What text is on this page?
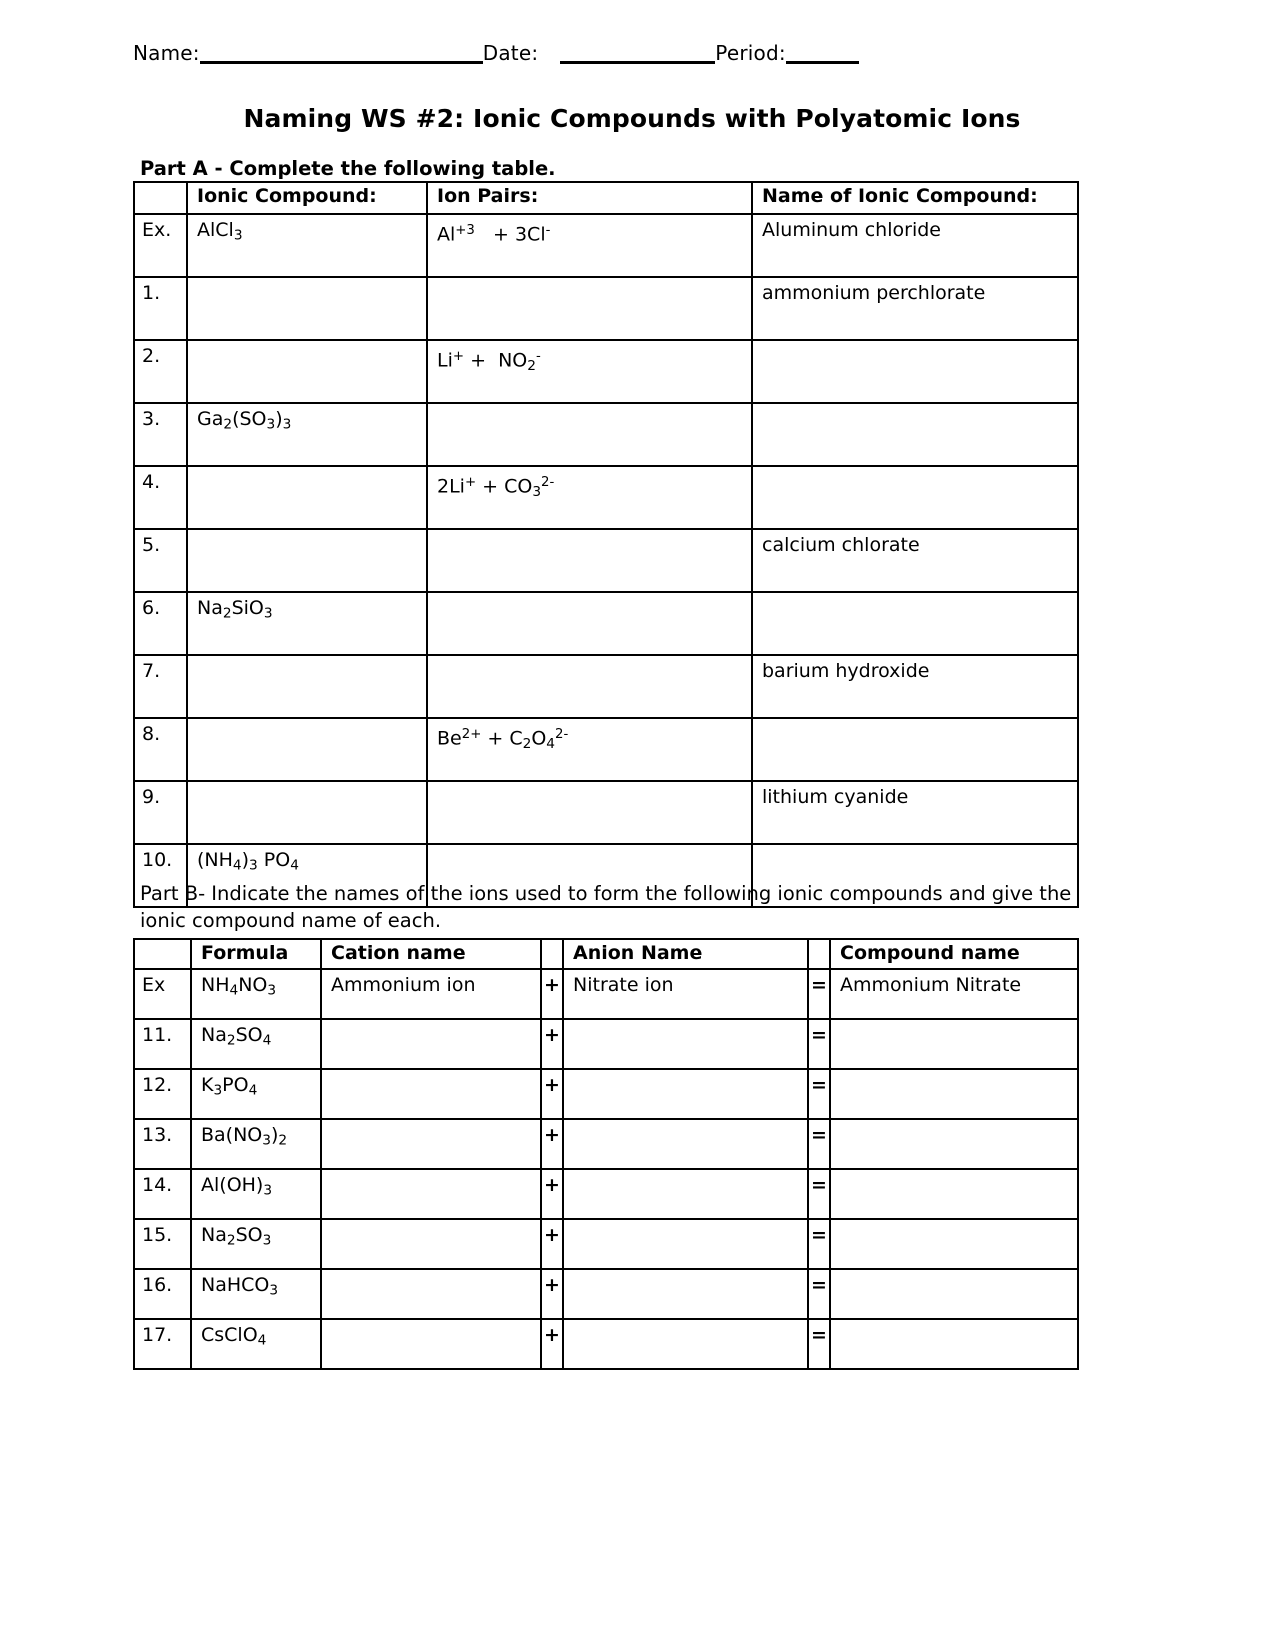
Name:	Date:	Period:
Naming WS #2: Ionic Compounds with Polyatomic Ions
Part A - Complete the following table.
	Ionic Compound:	Ion Pairs:	Name of Ionic Compound:
Ex.	AlCl$_3$	$Al^{+3} + 3Cl^-$	Aluminum chloride
1.			ammonium perchlorate
2.		$Li^+ + NO_2^-$	
3.	$Ga_2(SO_3)_3$		
4.		$2Li^+ + CO_3^{2-}$	
5.			calcium chlorate
6.	$Na_2SiO_3$		
7.			barium hydroxide
8.		$Be^{2+} + C_2O_4^{2-}$	
9.			lithium cyanide
10.	$(NH_4)_3$ $PO_4$		
Part B- Indicate the names of the ions used to form the following ionic compounds and give the ionic compound name of each.
	Formula	Cation name		Anion Name		Compound name
Ex	$NH_4NO_3$	Ammonium ion	+	Nitrate ion	=	Ammonium Nitrate
11.	$Na_2SO_4$		+		=	
12.	$K_3PO_4$		+		=	
13.	$Ba(NO_3)_2$		+		=	
14.	$Al(OH)_3$		+		=	
15.	$Na_2SO_3$		+		=	
16.	NaHCO$_3$		+		=	
17.	CsClO$_4$		+		=	
